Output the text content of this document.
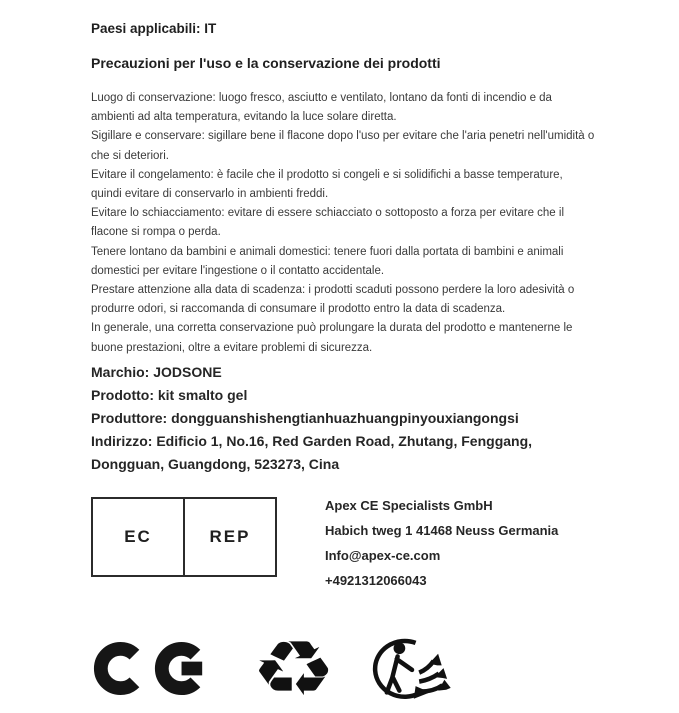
Paesi applicabili: IT
Precauzioni per l'uso e la conservazione dei prodotti

Luogo di conservazione: luogo fresco, asciutto e ventilato, lontano da fonti di incendio e da ambienti ad alta temperatura, evitando la luce solare diretta.

Sigillare e conservare: sigillare bene il flacone dopo l'uso per evitare che l'aria penetri nell'umidità o che si deteriori.

Evitare il congelamento: è facile che il prodotto si congeli e si solidifichi a basse temperature, quindi evitare di conservarlo in ambienti freddi.

Evitare lo schiacciamento: evitare di essere schiacciato o sottoposto a forza per evitare che il flacone si rompa o perda.

Tenere lontano da bambini e animali domestici: tenere fuori dalla portata di bambini e animali domestici per evitare l'ingestione o il contatto accidentale.

Prestare attenzione alla data di scadenza: i prodotti scaduti possono perdere la loro adesività o produrre odori, si raccomanda di consumare il prodotto entro la data di scadenza.

In generale, una corretta conservazione può prolungare la durata del prodotto e mantenerne le buone prestazioni, oltre a evitare problemi di sicurezza.

Marchio: JODSONE
Prodotto: kit smalto gel
Produttore: dongguanshishengtianhuazhuangpinyouxiangongsi
Indirizzo: Edificio 1, No.16, Red Garden Road, Zhutang, Fenggang, Dongguan, Guangdong, 523273, Cina
EC	REP
Apex CE Specialists GmbH
Habich tweg 1 41468 Neuss Germania
Info@apex-ce.com
+4921312066043
♻
